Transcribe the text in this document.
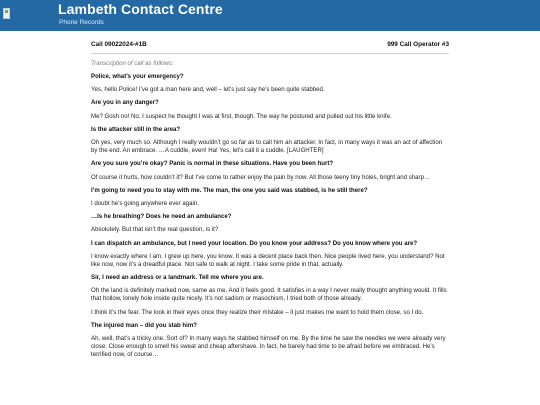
Lambeth Contact Centre
Phone Records
Call 09022024-#1B	999 Call Operator #3
Transcription of call as follows:

Police, what’s your emergency?

Yes, hello Police! I’ve got a man here and, well – let’s just say he’s been quite stabbed.

Are you in any danger?

Me? Gosh no! No. I suspect he thought I was at first, though. The way he postured and pulled out his little knife.

Is the attacker still in the area?

Oh yes, very much so. Although I really wouldn’t go so far as to call him an attacker. In fact, in many ways it was an act of affection by the end. An embrace. …A cuddle, even! Ha! Yes, let’s call it a cuddle. [LAUGHTER]

Are you sure you’re okay? Panic is normal in these situations. Have you been hurt?

Of course it hurts, how couldn’t it? But I’ve come to rather enjoy the pain by now. All those teeny tiny holes, bright and sharp…

I’m going to need you to stay with me. The man, the one you said was stabbed, is he still there?

I doubt he’s going anywhere ever again.

…Is he breathing? Does he need an ambulance?

Absolutely. But that isn’t the real question, is it?

I can dispatch an ambulance, but I need your location. Do you know your address? Do you know where you are?

I know exactly where I am. I grew up here, you know. It was a decent place back then. Nice people lived here, you understand? Not like now, now it’s a dreadful place. Not safe to walk at night. I take some pride in that, actually.

Sir, I need an address or a landmark. Tell me where you are.

Oh the land is definitely marked now, same as me. And it feels good. It satisfies in a way I never really thought anything would. It fills that hollow, lonely hole inside quite nicely. It’s not sadism or masochism, I tried both of those already.

I think it’s the fear. The look in their eyes once they realize their mistake – it just makes me want to hold them close, so I do.

The injured man – did you stab him?

Ah, well, that’s a tricky one. Sort of? In many ways he stabbed himself on me. By the time he saw the needles we were already very close. Close enough to smell his sweat and cheap aftershave. In fact, he barely had time to be afraid before we embraced. He’s terrified now, of course…
